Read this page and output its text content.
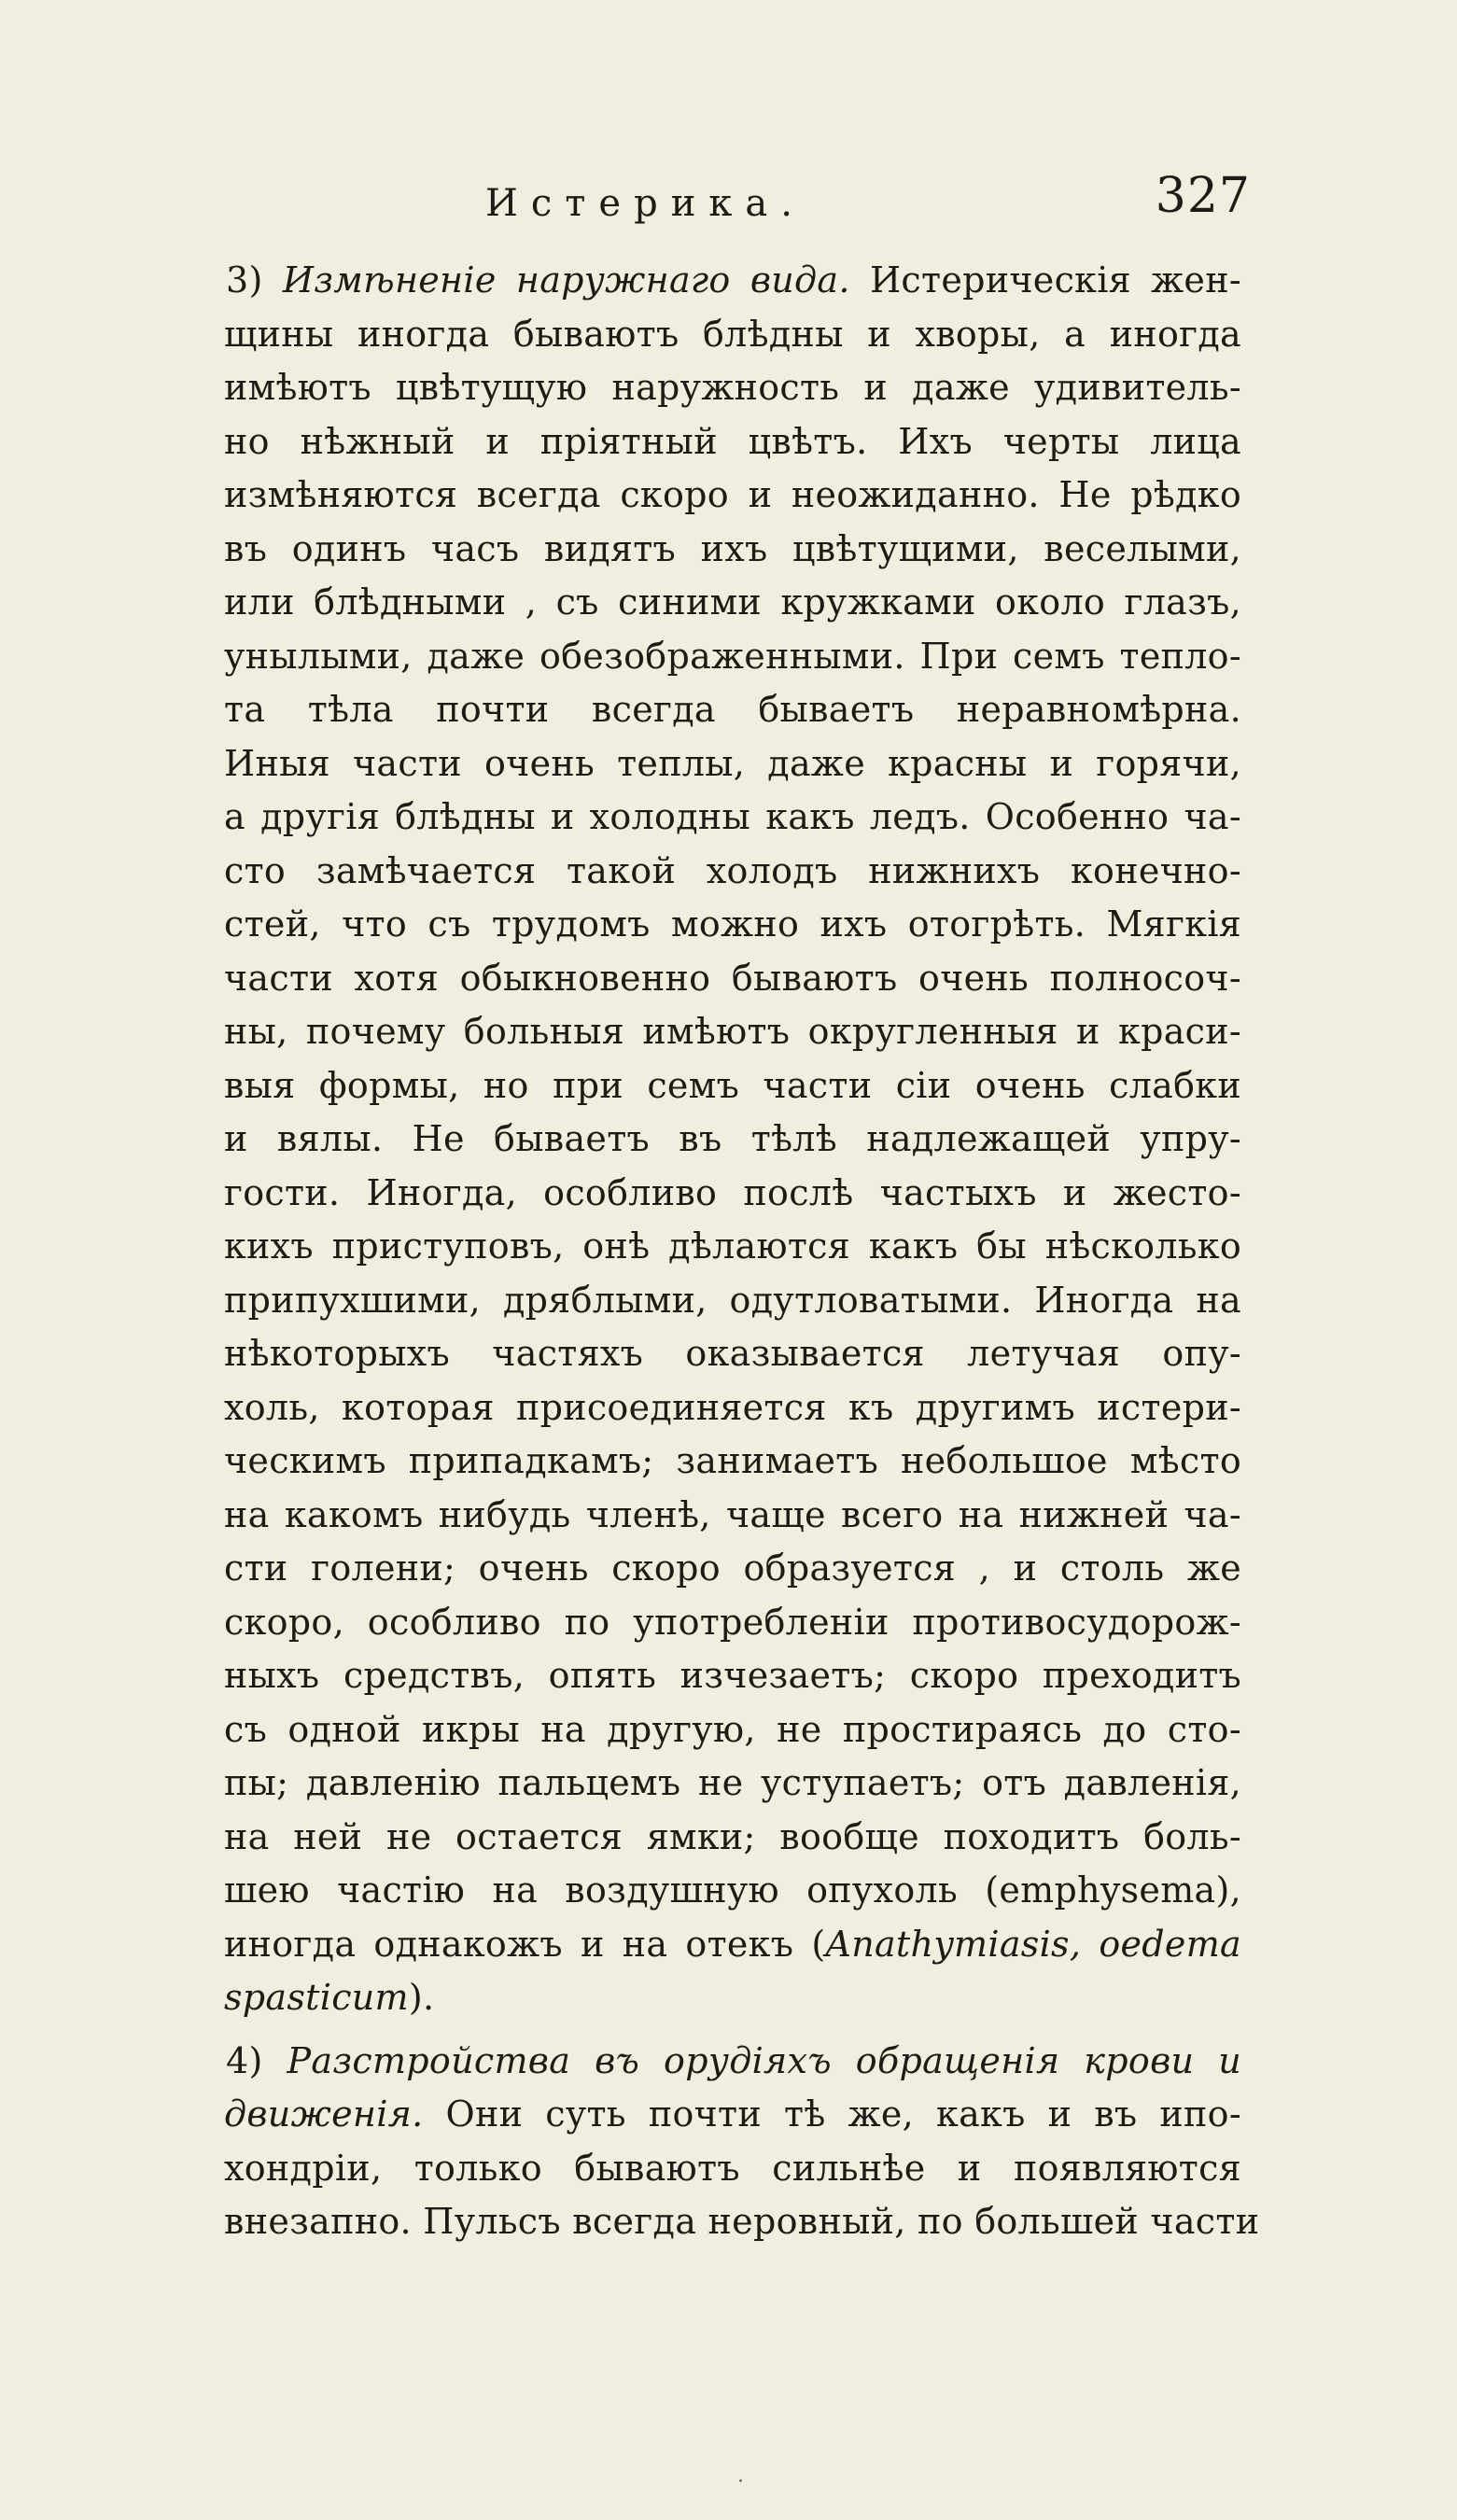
Истерика.	327
3) Измѣненіе наружнаго вида. Истерическія жен-
щины иногда бываютъ блѣдны и хворы, а иногда
имѣютъ цвѣтущую наружность и даже удивитель-
но нѣжный и пріятный цвѣтъ. Ихъ черты лица
измѣняются всегда скоро и неожиданно. Не рѣдко
въ одинъ часъ видятъ ихъ цвѣтущими, веселыми,
или блѣдными , съ синими кружками около глазъ,
унылыми, даже обезображенными. При семъ тепло-
та тѣла почти всегда бываетъ неравномѣрна.
Иныя части очень теплы, даже красны и горячи,
а другія блѣдны и холодны какъ ледъ. Особенно ча-
сто замѣчается такой холодъ нижнихъ конечно-
стей, что съ трудомъ можно ихъ отогрѣть. Мягкія
части хотя обыкновенно бываютъ очень полносоч-
ны, почему больныя имѣютъ округленныя и краси-
выя формы, но при семъ части сіи очень слабки
и вялы. Не бываетъ въ тѣлѣ надлежащей упру-
гости. Иногда, особливо послѣ частыхъ и жесто-
кихъ приступовъ, онѣ дѣлаются какъ бы нѣсколько
припухшими, дряблыми, одутловатыми. Иногда на
нѣкоторыхъ частяхъ оказывается летучая опу-
холь, которая присоединяется къ другимъ истери-
ческимъ припадкамъ; занимаетъ небольшое мѣсто
на какомъ нибудь членѣ, чаще всего на нижней ча-
сти голени; очень скоро образуется , и столь же
скоро, особливо по употребленіи противосудорож-
ныхъ средствъ, опять изчезаетъ; скоро преходитъ
съ одной икры на другую, не простираясь до сто-
пы; давленію пальцемъ не уступаетъ; отъ давленія,
на ней не остается ямки; вообще походитъ боль-
шею частію на воздушную опухоль (emphysema),
иногда однакожъ и на отекъ (Anathymiasis, oedema
spasticum).
4) Разстройства въ орудіяхъ обращенія крови и
движенія. Они суть почти тѣ же, какъ и въ ипо-
хондріи, только бываютъ сильнѣе и появляются
внезапно. Пульсъ всегда неровный, по большей части
.
